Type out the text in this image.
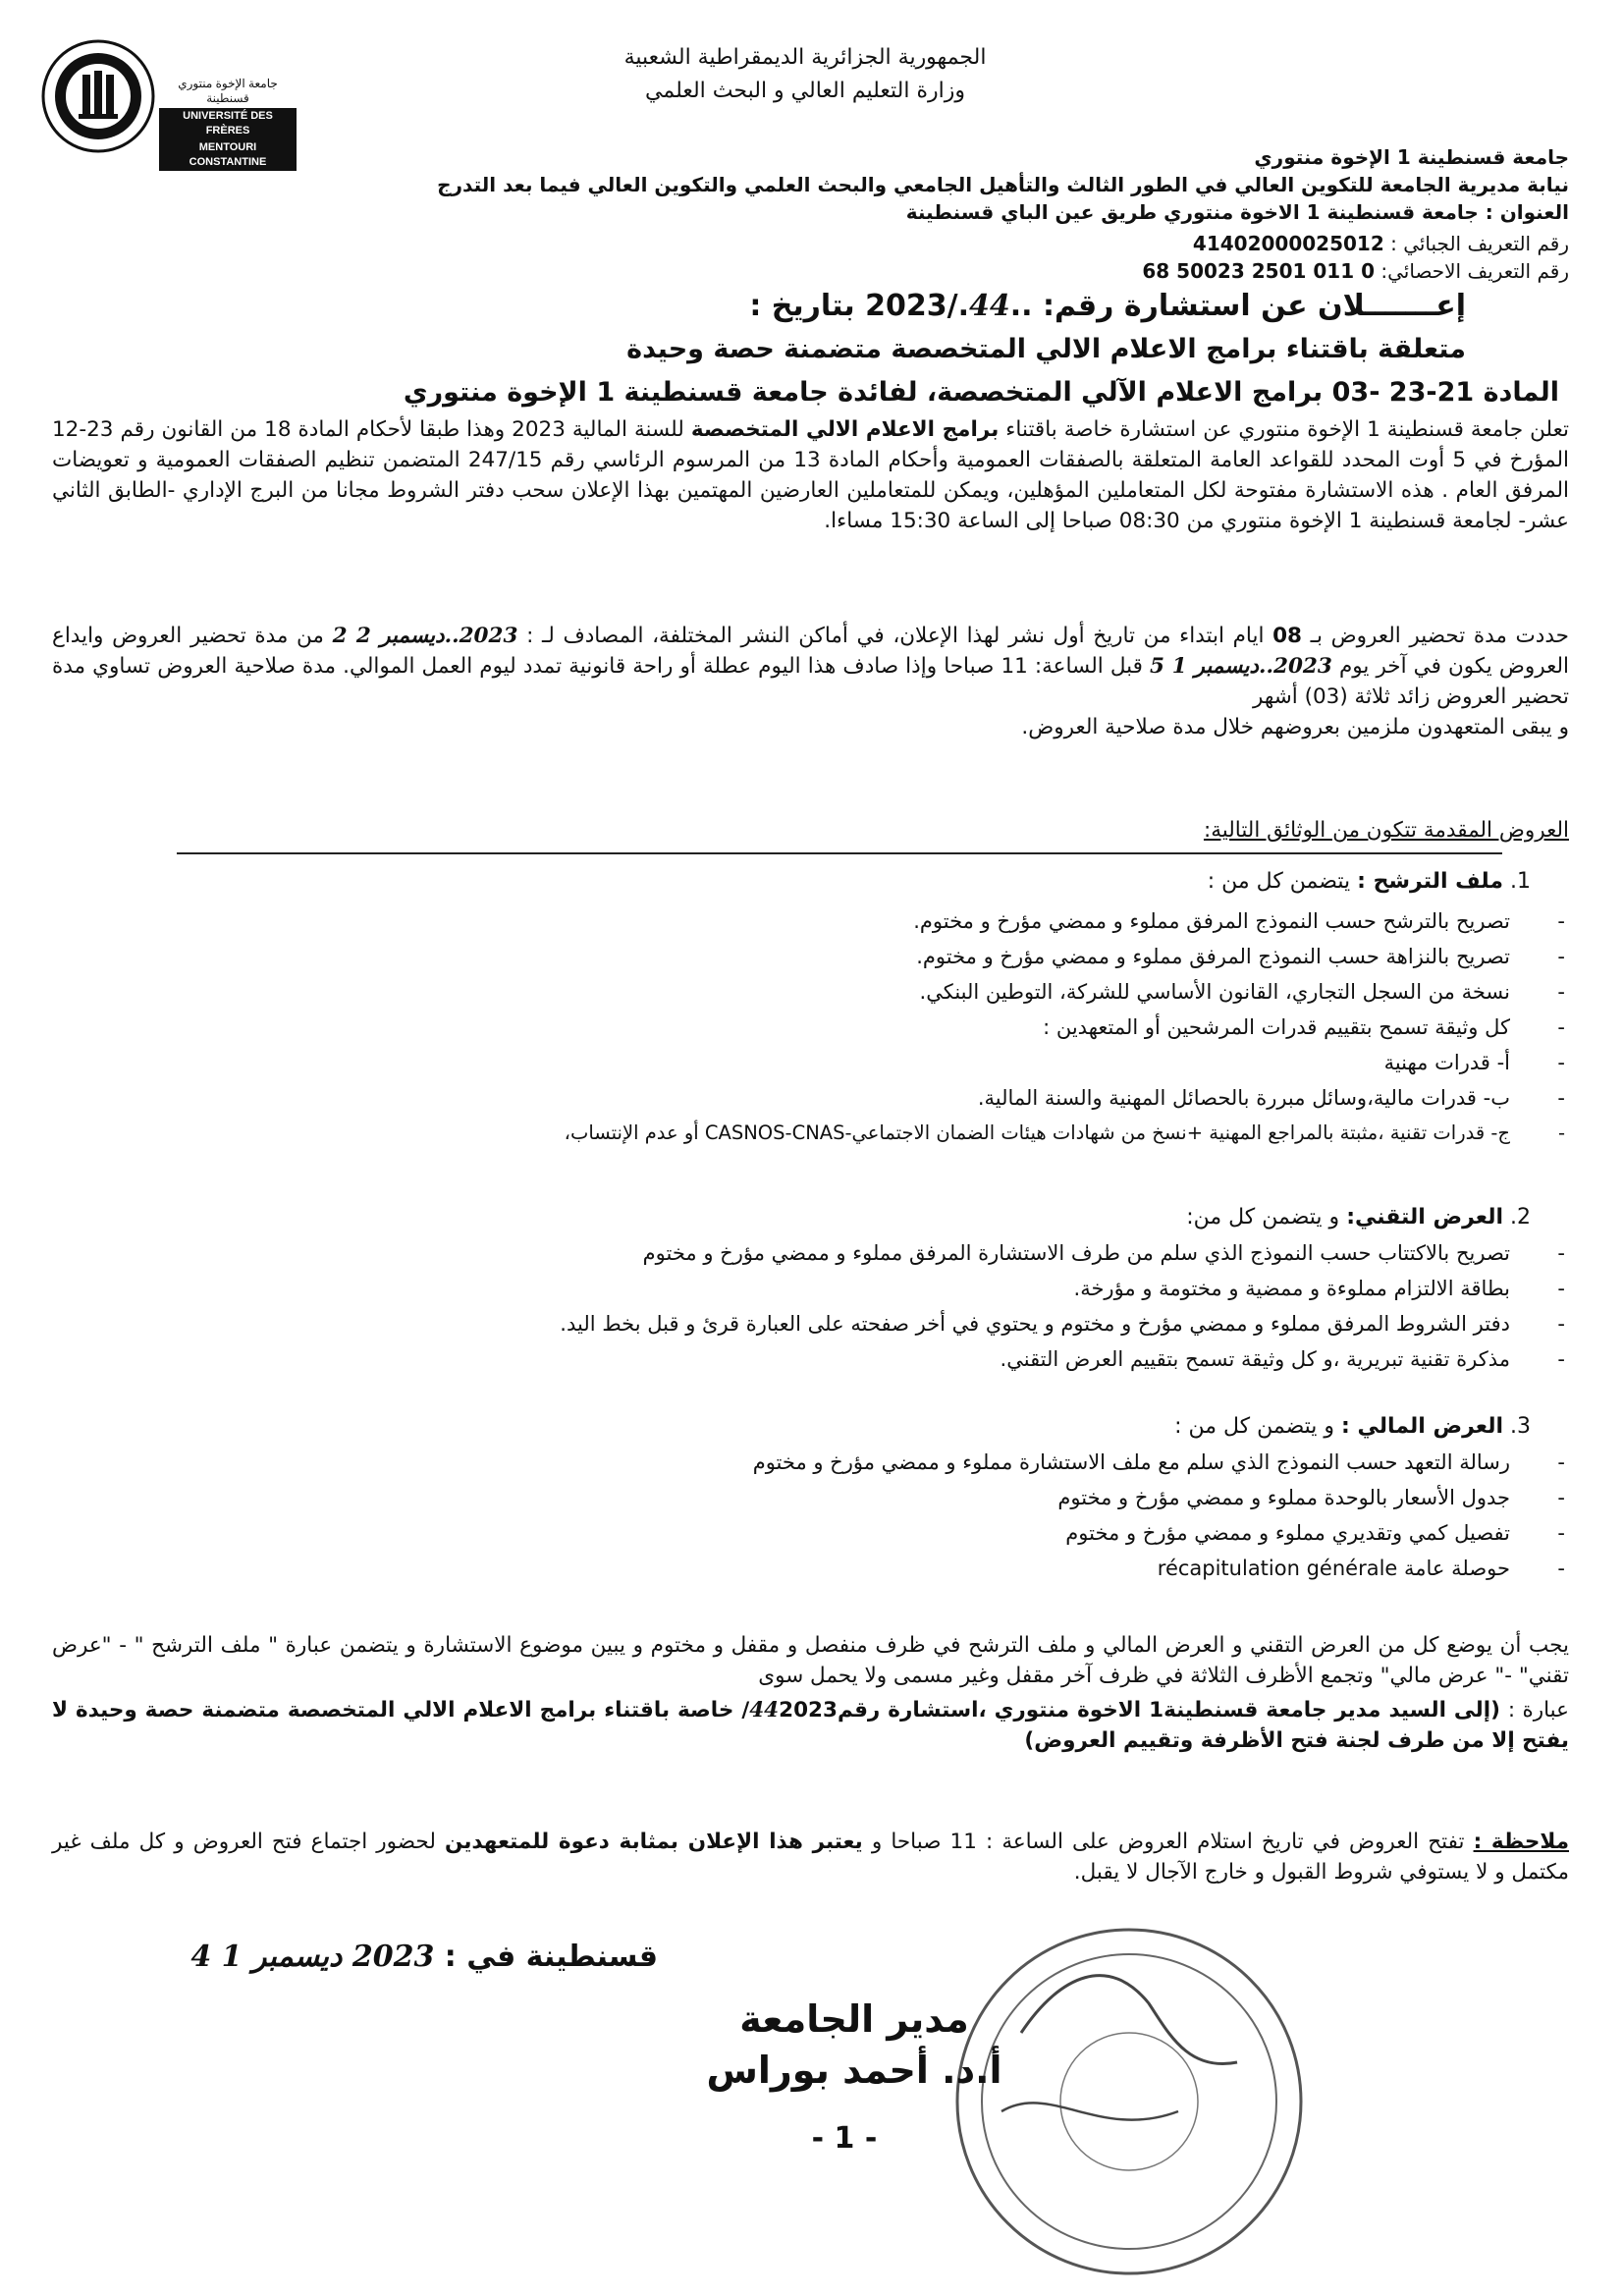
جامعة الإخوة منتوري قسنطينة
UNIVERSITÉ DES FRÈRES
MENTOURI CONSTANTINE
الجمهورية الجزائرية الديمقراطية الشعبية
وزارة التعليم العالي و البحث العلمي
جامعة قسنطينة 1 الإخوة منتوري
نيابة مديرية الجامعة للتكوين العالي في الطور الثالث والتأهيل الجامعي والبحث العلمي والتكوين العالي فيما بعد التدرج
العنوان : جامعة قسنطينة 1 الاخوة منتوري طريق عين الباي قسنطينة
رقم التعريف الجبائي : 41402000025012
رقم التعريف الاحصائي: 0 011 2501 50023 68
إعـــــــلان عن استشارة رقم: ..44./2023 بتاريخ :
متعلقة باقتناء برامج الاعلام الالي المتخصصة متضمنة حصة وحيدة
المادة 21-23 -03 برامج الاعلام الآلي المتخصصة، لفائدة جامعة قسنطينة 1 الإخوة منتوري
تعلن جامعة قسنطينة 1 الإخوة منتوري عن استشارة خاصة باقتناء برامج الاعلام الالي المتخصصة للسنة المالية 2023 وهذا طبقا لأحكام المادة 18 من القانون رقم 23-12 المؤرخ في 5 أوت المحدد للقواعد العامة المتعلقة بالصفقات العمومية وأحكام المادة 13 من المرسوم الرئاسي رقم 247/15 المتضمن تنظيم الصفقات العمومية و تعويضات المرفق العام . هذه الاستشارة مفتوحة لكل المتعاملين المؤهلين، ويمكن للمتعاملين العارضين المهتمين بهذا الإعلان سحب دفتر الشروط مجانا من البرج الإداري -الطابق الثاني عشر- لجامعة قسنطينة 1 الإخوة منتوري من 08:30 صباحا إلى الساعة 15:30 مساءا.
حددت مدة تحضير العروض بـ 08 ايام ابتداء من تاريخ أول نشر لهذا الإعلان، في أماكن النشر المختلفة، المصادف لـ : 2023..ديسمبر 2 2 من مدة تحضير العروض وايداع العروض يكون في آخر يوم 2023..ديسمبر 1 5 قبل الساعة: 11 صباحا وإذا صادف هذا اليوم عطلة أو راحة قانونية تمدد ليوم العمل الموالي. مدة صلاحية العروض تساوي مدة تحضير العروض زائد ثلاثة (03) أشهر
و يبقى المتعهدون ملزمين بعروضهم خلال مدة صلاحية العروض.
العروض المقدمة تتكون من الوثائق التالية:
.1 ملف الترشح : يتضمن كل من :
- تصريح بالترشح حسب النموذج المرفق مملوء و ممضي مؤرخ و مختوم.
- تصريح بالنزاهة حسب النموذج المرفق مملوء و ممضي مؤرخ و مختوم.
- نسخة من السجل التجاري، القانون الأساسي للشركة، التوطين البنكي.
- كل وثيقة تسمح بتقييم قدرات المرشحين أو المتعهدين :
- أ- قدرات مهنية
- ب- قدرات مالية،وسائل مبررة بالحصائل المهنية والسنة المالية.
- ج- قدرات تقنية ،مثبتة بالمراجع المهنية +نسخ من شهادات هيئات الضمان الاجتماعي-CASNOS-CNAS أو عدم الإنتساب،
.2 العرض التقني: و يتضمن كل من:
- تصريح بالاكتتاب حسب النموذج الذي سلم من طرف الاستشارة المرفق مملوء و ممضي مؤرخ و مختوم
- بطاقة الالتزام مملوءة و ممضية و مختومة و مؤرخة.
- دفتر الشروط المرفق مملوء و ممضي مؤرخ و مختوم و يحتوي في أخر صفحته على العبارة قرئ و قبل بخط اليد.
- مذكرة تقنية تبريرية ،و كل وثيقة تسمح بتقييم العرض التقني.
.3 العرض المالي : و يتضمن كل من :
- رسالة التعهد حسب النموذج الذي سلم مع ملف الاستشارة مملوء و ممضي مؤرخ و مختوم
- جدول الأسعار بالوحدة مملوء و ممضي مؤرخ و مختوم
- تفصيل كمي وتقديري مملوء و ممضي مؤرخ و مختوم
- حوصلة عامة récapitulation générale
يجب أن يوضع كل من العرض التقني و العرض المالي و ملف الترشح في ظرف منفصل و مقفل و مختوم و يبين موضوع الاستشارة و يتضمن عبارة " ملف الترشح " - "عرض تقني" -" عرض مالي" وتجمع الأظرف الثلاثة في ظرف آخر مقفل وغير مسمى ولا يحمل سوى
عبارة : (إلى السيد مدير جامعة قسنطينة1 الاخوة منتوري ،استشارة رقم442023/ خاصة باقتناء برامج الاعلام الالي المتخصصة متضمنة حصة وحيدة لا يفتح إلا من طرف لجنة فتح الأظرفة وتقييم العروض)
ملاحظة : تفتح العروض في تاريخ استلام العروض على الساعة : 11 صباحا و يعتبر هذا الإعلان بمثابة دعوة للمتعهدين لحضور اجتماع فتح العروض و كل ملف غير مكتمل و لا يستوفي شروط القبول و خارج الآجال لا يقبل.
قسنطينة في : 2023 ديسمبر 1 4
مدير الجامعة
أ.د. أحمد بوراس
- 1 -
